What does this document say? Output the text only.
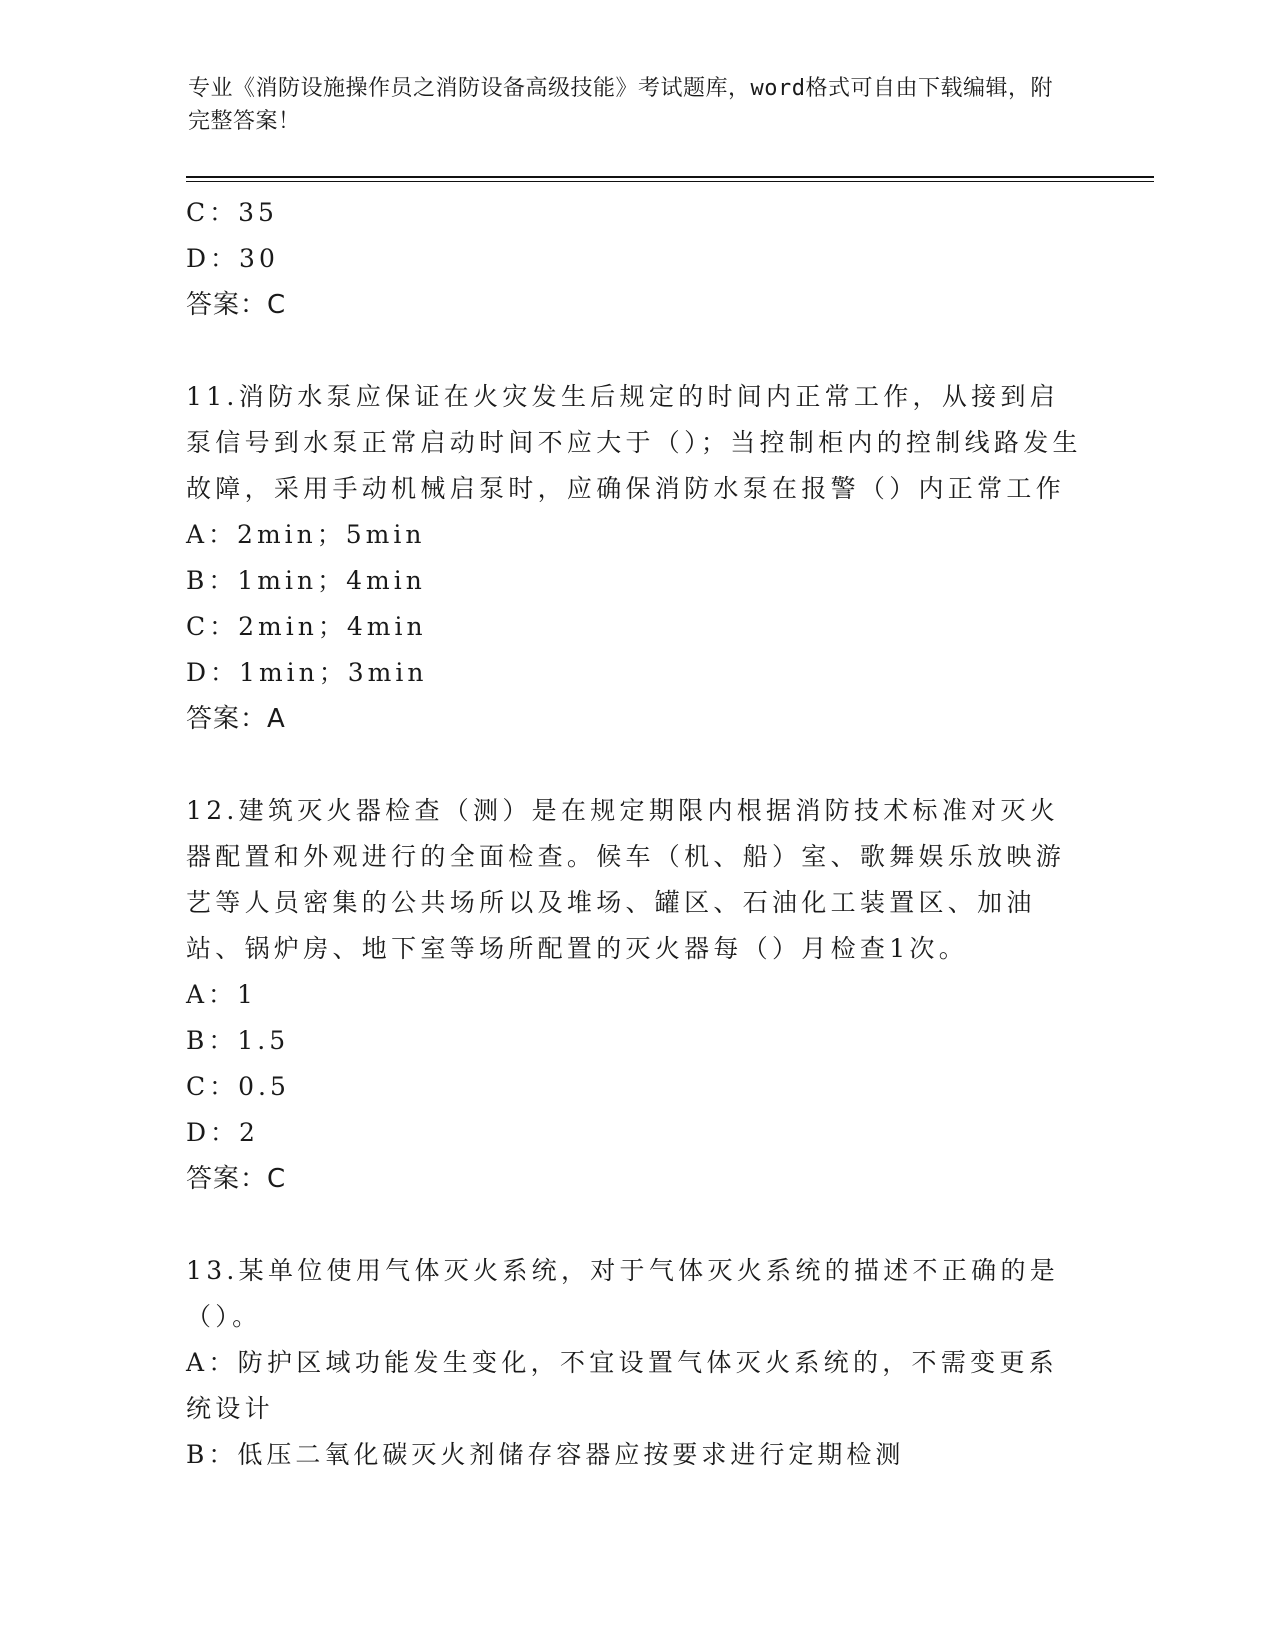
专业《消防设施操作员之消防设备高级技能》考试题库，word格式可自由下载编辑，附完整答案！

C：35

D：30

答案：C

11.消防水泵应保证在火灾发生后规定的时间内正常工作，从接到启泵信号到水泵正常启动时间不应大于（）；当控制柜内的控制线路发生故障，采用手动机械启泵时，应确保消防水泵在报警（）内正常工作

A：2min；5min

B：1min；4min

C：2min；4min

D：1min；3min

答案：A

12.建筑灭火器检查（测）是在规定期限内根据消防技术标准对灭火器配置和外观进行的全面检查。候车（机、船）室、歌舞娱乐放映游艺等人员密集的公共场所以及堆场、罐区、石油化工装置区、加油站、锅炉房、地下室等场所配置的灭火器每（）月检查1次。

A：1

B：1.5

C：0.5

D：2

答案：C

13.某单位使用气体灭火系统，对于气体灭火系统的描述不正确的是（）。

A：防护区域功能发生变化，不宜设置气体灭火系统的，不需变更系统设计

B：低压二氧化碳灭火剂储存容器应按要求进行定期检测
